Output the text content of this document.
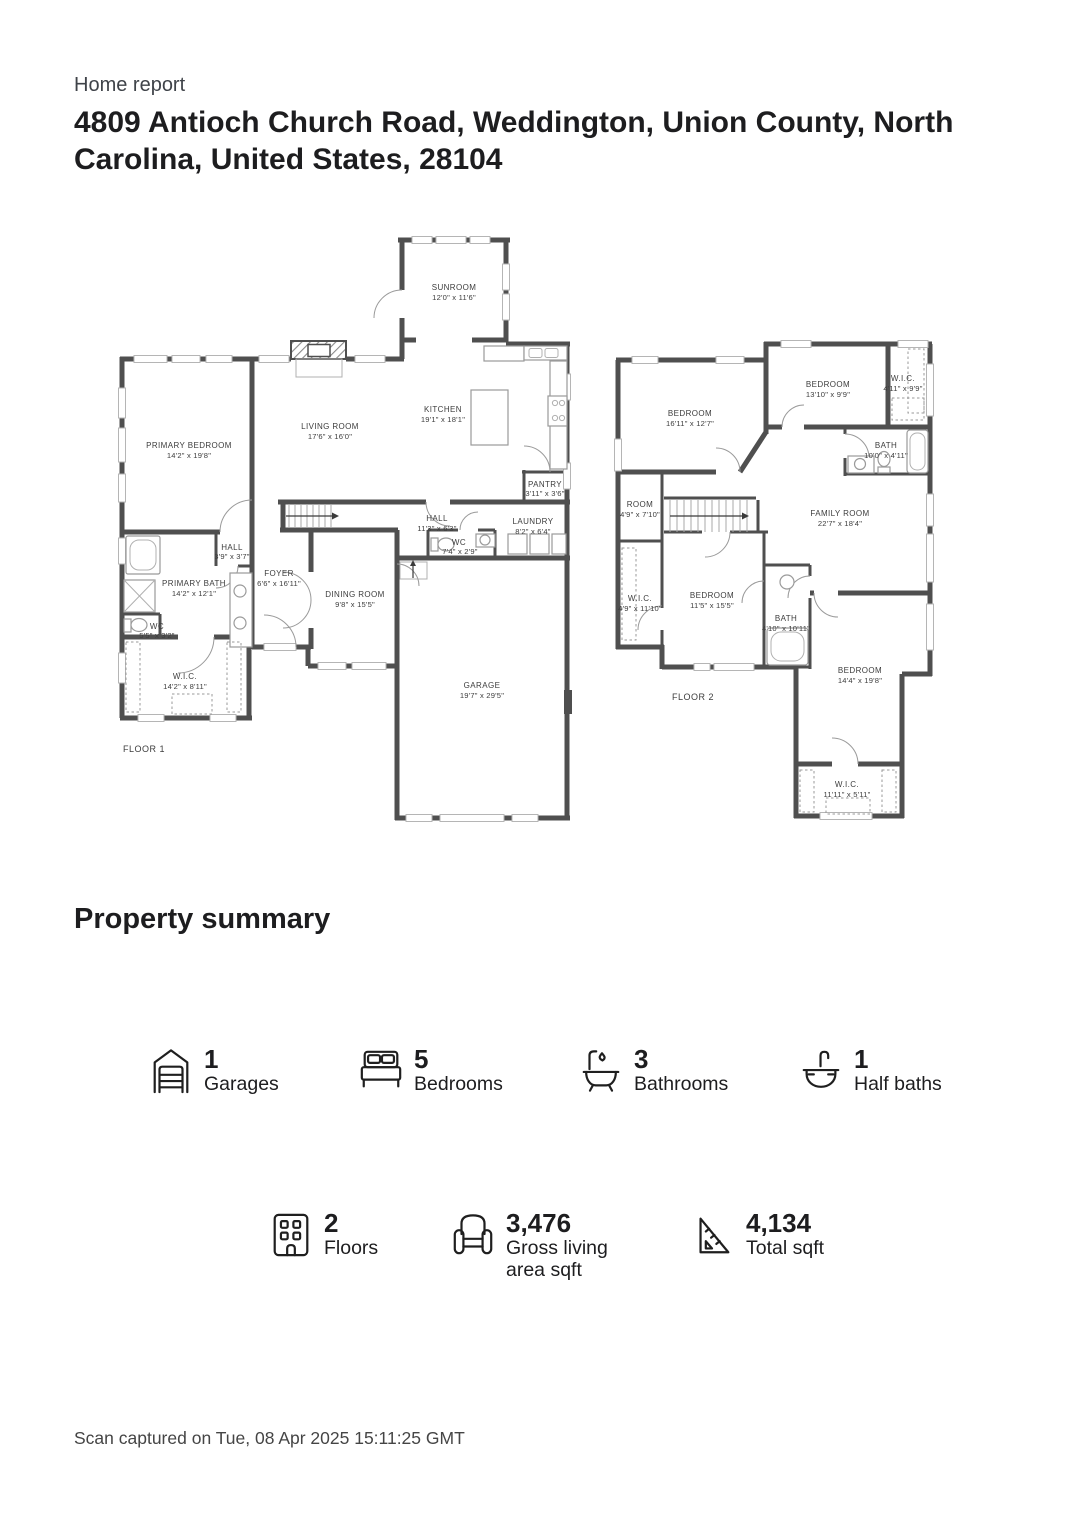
Home report
4809 Antioch Church Road, Weddington, Union County, North
Carolina, United States, 28104
SUNROOM
12'0" x 11'6"
KITCHEN
19'1" x 18'1"
LIVING ROOM
17'6" x 16'0"
PRIMARY BEDROOM
14'2" x 19'8"
PANTRY
3'11" x 3'6"
HALL
11'3" x 6'3"
LAUNDRY
8'2" x 6'4"
WC
7'4" x 2'9"
HALL
3'9" x 3'7"
FOYER
6'6" x 16'11"
PRIMARY BATH
14'2" x 12'1"
WC
5'5" x 3'2"
DINING ROOM
9'8" x 15'5"
W.I.C.
14'2" x 8'11"	GARAGE
19'7" x 29'5"
FLOOR 1
BEDROOM
16'11" x 12'7"
BEDROOM
13'10" x 9'9"
W.I.C.
4'11" x 9'9"
BATH
10'0" x 4'11"
ROOM
4'9" x 7'10"	FAMILY ROOM
22'7" x 18'4"
W.I.C.
4'9" x 11'10"
BEDROOM
11'5" x 15'5"
BATH
4'10" x 10'11"
BEDROOM
14'4" x 19'8"
W.I.C.
11'11" x 5'11"
FLOOR 2
Property summary
1
Garages
5
Bedrooms
3
Bathrooms
1
Half baths
2
Floors
3,476
Gross living area sqft
4,134
Total sqft
Scan captured on Tue, 08 Apr 2025 15:11:25 GMT
